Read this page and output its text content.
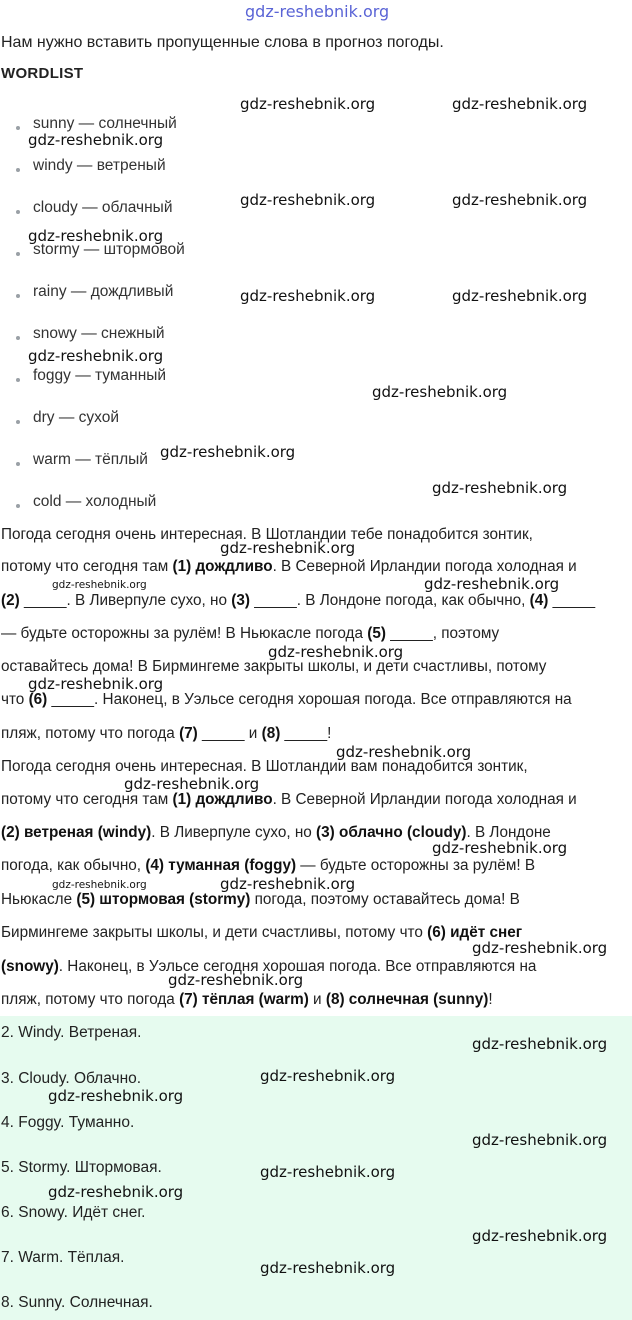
gdz-reshebnik.org
Нам нужно вставить пропущенные слова в прогноз погоды.
WORDLIST
sunny — солнечный
windy — ветреный
cloudy — облачный
stormy — штормовой
rainy — дождливый
snowy — снежный
foggy — туманный
dry — сухой
warm — тёплый
cold — холодный
Погода сегодня очень интересная. В Шотландии тебе понадобится зонтик,
потому что сегодня там (1) дождливо. В Северной Ирландии погода холодная и
(2) _____. В Ливерпуле сухо, но (3) _____. В Лондоне погода, как обычно, (4) _____
— будьте осторожны за рулём! В Ньюкасле погода (5) _____, поэтому
оставайтесь дома! В Бирмингеме закрыты школы, и дети счастливы, потому
что (6) _____. Наконец, в Уэльсе сегодня хорошая погода. Все отправляются на
пляж, потому что погода (7) _____ и (8) _____!
Погода сегодня очень интересная. В Шотландии вам понадобится зонтик,
потому что сегодня там (1) дождливо. В Северной Ирландии погода холодная и
(2) ветреная (windy). В Ливерпуле сухо, но (3) облачно (cloudy). В Лондоне
погода, как обычно, (4) туманная (foggy) — будьте осторожны за рулём! В
Ньюкасле (5) штормовая (stormy) погода, поэтому оставайтесь дома! В
Бирмингеме закрыты школы, и дети счастливы, потому что (6) идёт снег
(snowy). Наконец, в Уэльсе сегодня хорошая погода. Все отправляются на
пляж, потому что погода (7) тёплая (warm) и (8) солнечная (sunny)!
2. Windy. Ветреная.
3. Cloudy. Облачно.
4. Foggy. Туманно.
5. Stormy. Штормовая.
6. Snowy. Идёт снег.
7. Warm. Тёплая.
8. Sunny. Солнечная.
gdz-reshebnik.org	gdz-reshebnik.org
gdz-reshebnik.org
gdz-reshebnik.org	gdz-reshebnik.org
gdz-reshebnik.org
gdz-reshebnik.org	gdz-reshebnik.org
gdz-reshebnik.org
gdz-reshebnik.org
gdz-reshebnik.org
gdz-reshebnik.org
gdz-reshebnik.org
gdz-reshebnik.org	gdz-reshebnik.org
gdz-reshebnik.org
gdz-reshebnik.org
gdz-reshebnik.org
gdz-reshebnik.org
gdz-reshebnik.org
gdz-reshebnik.org	gdz-reshebnik.org
gdz-reshebnik.org
gdz-reshebnik.org
gdz-reshebnik.org
gdz-reshebnik.org
gdz-reshebnik.org
gdz-reshebnik.org
gdz-reshebnik.org
gdz-reshebnik.org
gdz-reshebnik.org
gdz-reshebnik.org
